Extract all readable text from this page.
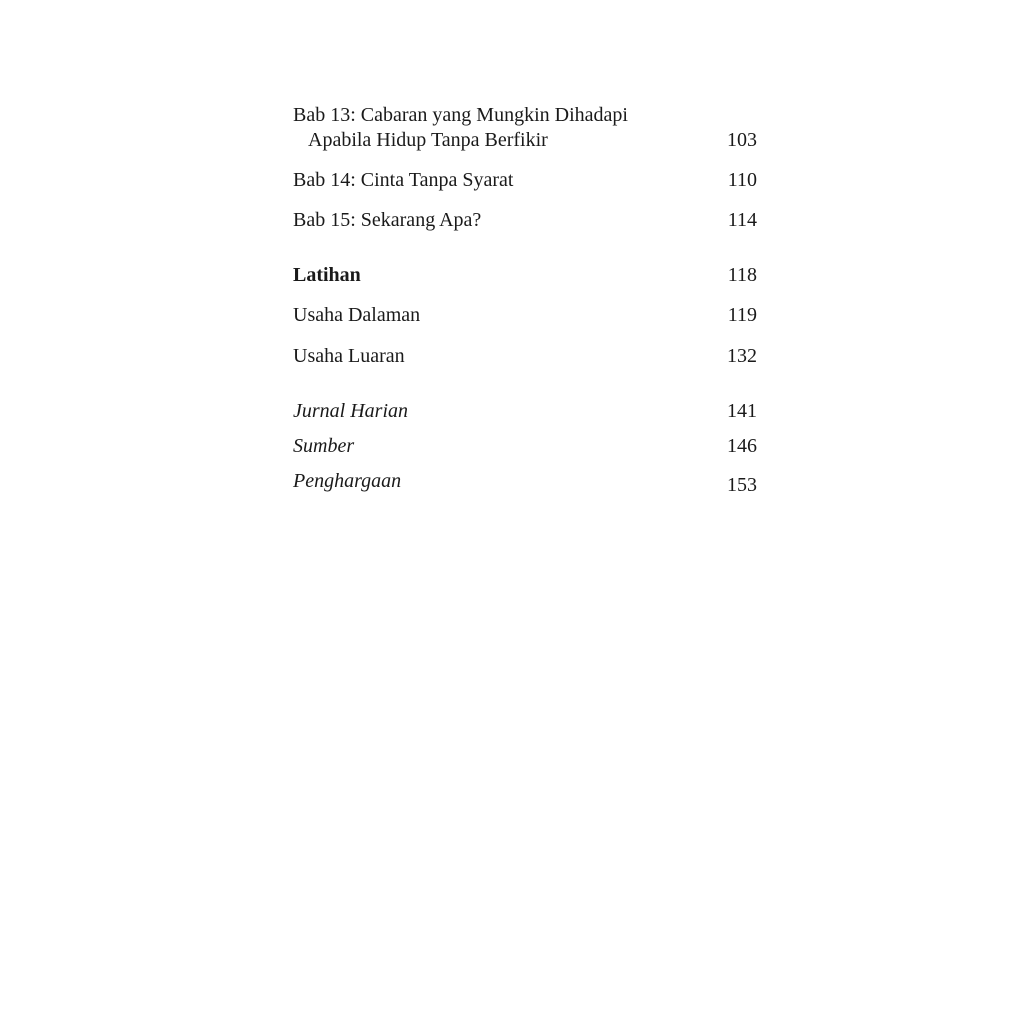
Bab 13: Cabaran yang Mungkin Dihadapi
Apabila Hidup Tanpa Berfikir	103
Bab 14: Cinta Tanpa Syarat	110
Bab 15: Sekarang Apa?	114
Latihan	118
Usaha Dalaman	119
Usaha Luaran	132
Jurnal Harian	141
Sumber	146
Penghargaan	153
